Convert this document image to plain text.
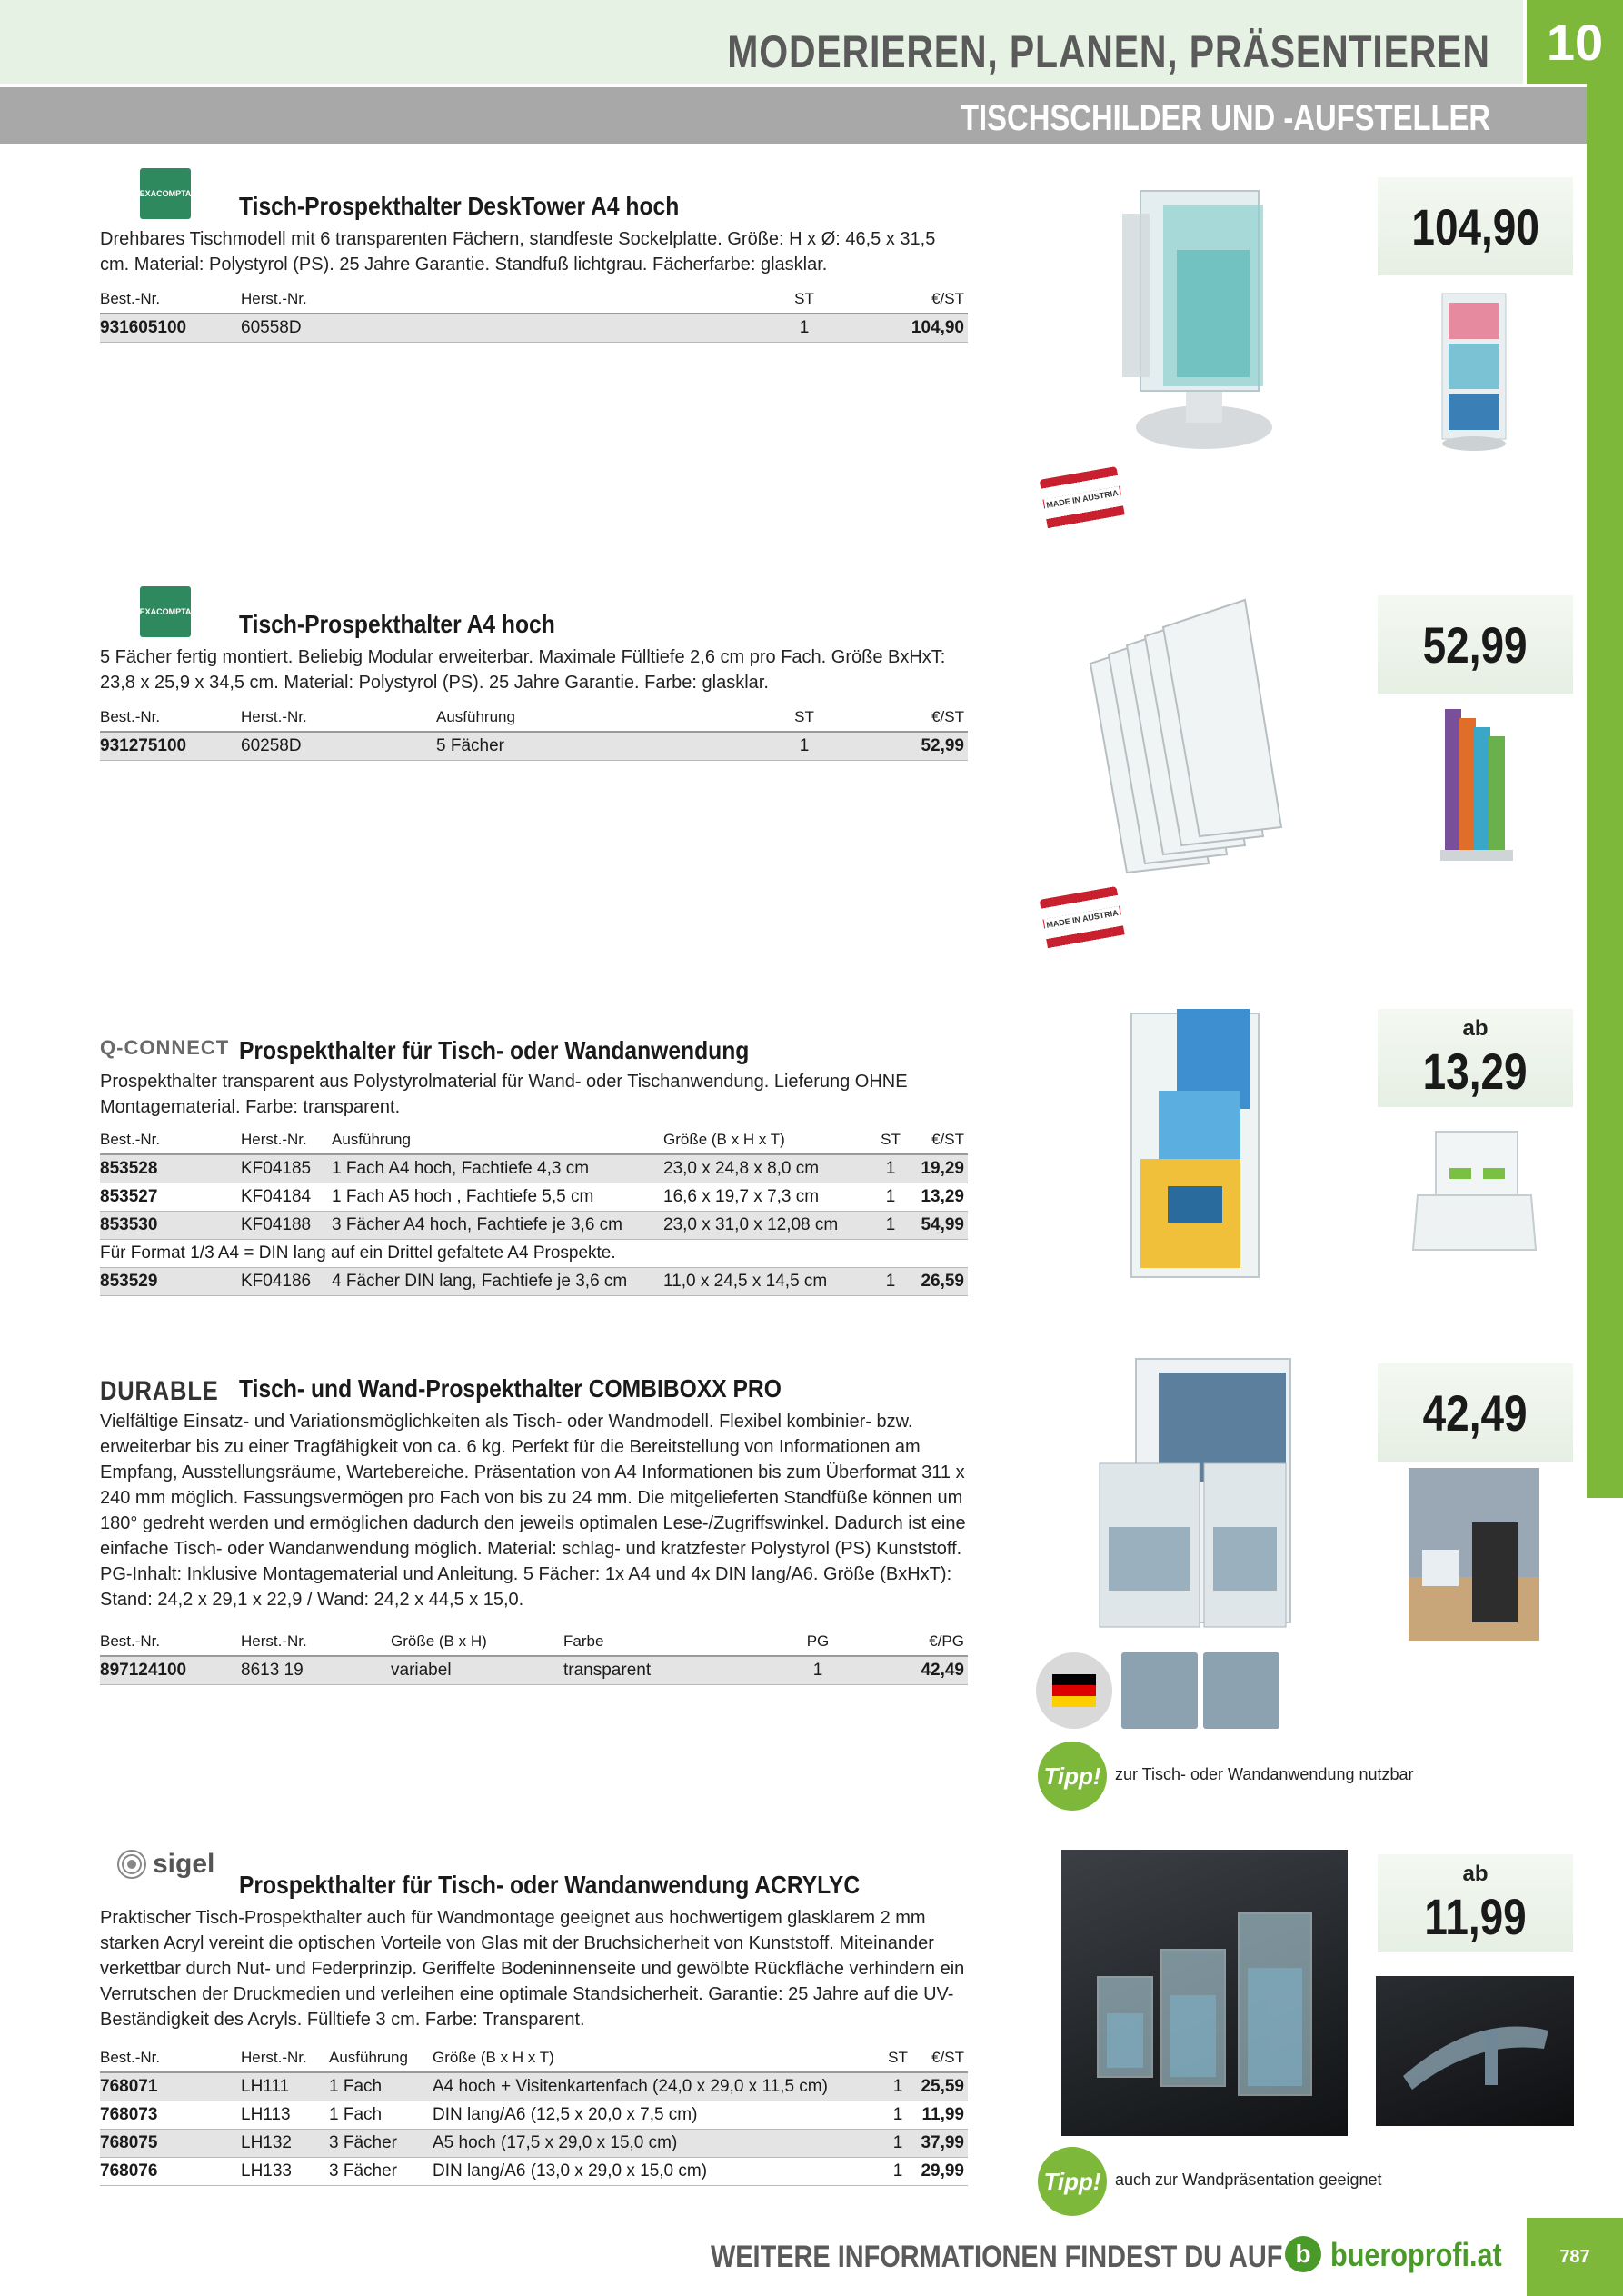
MODERIEREN, PLANEN, PRÄSENTIEREN	10
TISCHSCHILDER UND -AUFSTELLER
EXACOMPTA Tisch-Prospekthalter DeskTower A4 hoch
Drehbares Tischmodell mit 6 transparenten Fächern, standfeste Sockelplatte. Größe: H x Ø: 46,5 x 31,5 cm. Material: Polystyrol (PS). 25 Jahre Garantie. Standfuß lichtgrau. Fächerfarbe: glasklar.
Best.-Nr.	Herst.-Nr.	ST	€/ST
931605100	60558D	1	104,90
104,90
MADE IN AUSTRIA
EXACOMPTA Tisch-Prospekthalter A4 hoch
5 Fächer fertig montiert. Beliebig Modular erweiterbar. Maximale Fülltiefe 2,6 cm pro Fach. Größe BxHxT: 23,8 x 25,9 x 34,5 cm. Material: Polystyrol (PS). 25 Jahre Garantie. Farbe: glasklar.
Best.-Nr.	Herst.-Nr.	Ausführung	ST	€/ST
931275100	60258D	5 Fächer	1	52,99
52,99
MADE IN AUSTRIA
Q-CONNECT Prospekthalter für Tisch- oder Wandanwendung
Prospekthalter transparent aus Polystyrolmaterial für Wand- oder Tischanwendung. Lieferung OHNE Montagematerial. Farbe: transparent.
Best.-Nr.	Herst.-Nr.	Ausführung	Größe (B x H x T)	ST	€/ST
853528	KF04185	1 Fach A4 hoch, Fachtiefe 4,3 cm	23,0 x 24,8 x 8,0 cm	1	19,29
853527	KF04184	1 Fach A5 hoch , Fachtiefe 5,5 cm	16,6 x 19,7 x 7,3 cm	1	13,29
853530	KF04188	3 Fächer A4 hoch, Fachtiefe je 3,6 cm	23,0 x 31,0 x 12,08 cm	1	54,99
Für Format 1/3 A4 = DIN lang auf ein Drittel gefaltete A4 Prospekte.					
853529	KF04186	4 Fächer DIN lang, Fachtiefe je 3,6 cm	11,0 x 24,5 x 14,5 cm	1	26,59
ab
13,29
DURABLE Tisch- und Wand-Prospekthalter COMBIBOXX PRO
Vielfältige Einsatz- und Variationsmöglichkeiten als Tisch- oder Wandmodell. Flexibel kombinier- bzw. erweiterbar bis zu einer Tragfähigkeit von ca. 6 kg. Perfekt für die Bereitstellung von Informationen am Empfang, Ausstellungsräume, Wartebereiche. Präsentation von A4 Informationen bis zum Überformat 311 x 240 mm möglich. Fassungsvermögen pro Fach von bis zu 24 mm. Die mitgelieferten Standfüße können um 180° gedreht werden und ermöglichen dadurch den jeweils optimalen Lese-/Zugriffswinkel. Dadurch ist eine einfache Tisch- oder Wandanwendung möglich. Material: schlag- und kratzfester Polystyrol (PS) Kunststoff. PG-Inhalt: Inklusive Montagematerial und Anleitung. 5 Fächer: 1x A4 und 4x DIN lang/A6. Größe (BxHxT): Stand: 24,2 x 29,1 x 22,9 / Wand: 24,2 x 44,5 x 15,0.
Best.-Nr.	Herst.-Nr.	Größe (B x H)	Farbe	PG	€/PG
897124100	8613 19	variabel	transparent	1	42,49
42,49
Tipp! zur Tisch- oder Wandanwendung nutzbar
sigel
Prospekthalter für Tisch- oder Wandanwendung ACRYLYC
Praktischer Tisch-Prospekthalter auch für Wandmontage geeignet aus hochwertigem glasklarem 2 mm starken Acryl vereint die optischen Vorteile von Glas mit der Bruchsicherheit von Kunststoff. Miteinander verkettbar durch Nut- und Federprinzip. Geriffelte Bodeninnenseite und gewölbte Rückfläche verhindern ein Verrutschen der Druckmedien und verleihen eine optimale Standsicherheit. Garantie: 25 Jahre auf die UV-Beständigkeit des Acryls. Fülltiefe 3 cm. Farbe: Transparent.
Best.-Nr.	Herst.-Nr.	Ausführung	Größe (B x H x T)	ST	€/ST
768071	LH111	1 Fach	A4 hoch + Visitenkartenfach (24,0 x 29,0 x 11,5 cm)	1	25,59
768073	LH113	1 Fach	DIN lang/A6 (12,5 x 20,0 x 7,5 cm)	1	11,99
768075	LH132	3 Fächer	A5 hoch (17,5 x 29,0 x 15,0 cm)	1	37,99
768076	LH133	3 Fächer	DIN lang/A6 (13,0 x 29,0 x 15,0 cm)	1	29,99
ab
11,99
Tipp! auch zur Wandpräsentation geeignet
WEITERE INFORMATIONEN FINDEST DU AUF b bueroprofi.at	787
